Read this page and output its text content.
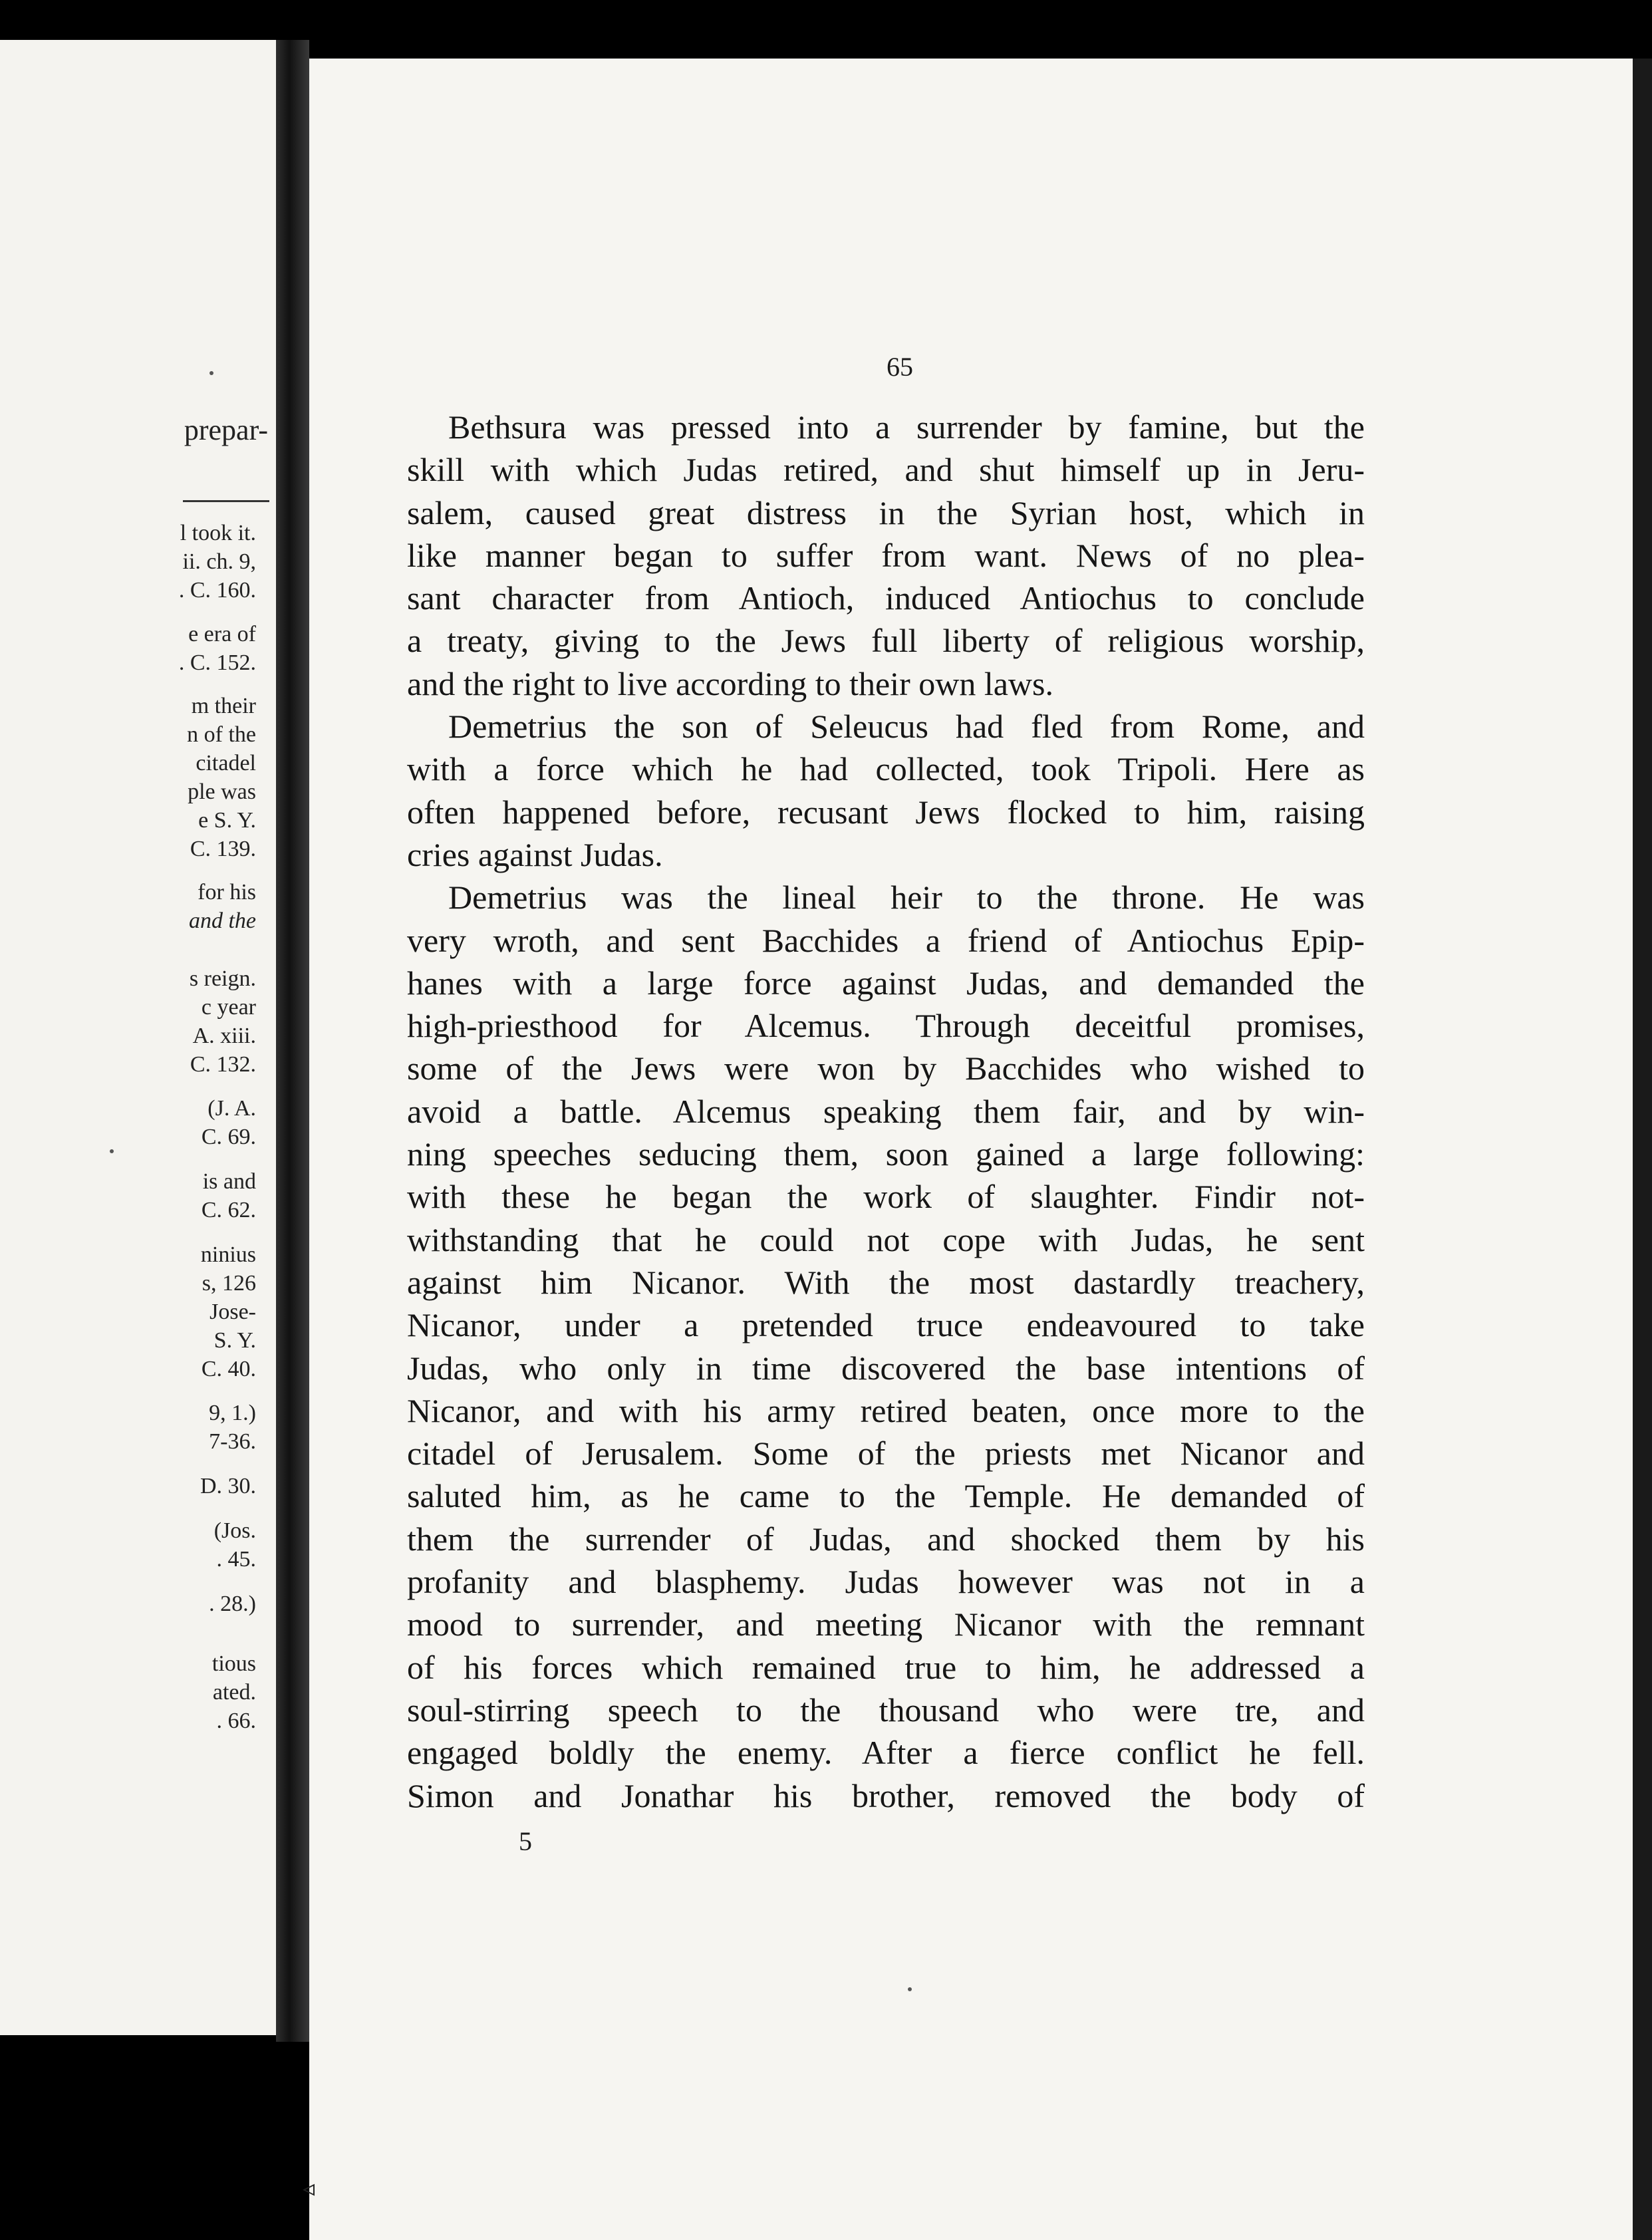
prepar-
l took it.
ii. ch. 9,
. C. 160.
e era of
. C. 152.
m their
n of the
citadel
ple was
e S. Y.
C. 139.
for his
and the
s reign.
c year
A. xiii.
C. 132.
(J. A.
C. 69.
is and
C. 62.
ninius
s, 126
Jose-
S. Y.
C. 40.
9, 1.)
7-36.
D. 30.
(Jos.
. 45.
. 28.)
tious
ated.
. 66.
65
Bethsura was pressed into a surrender by famine, but the
skill with which Judas retired, and shut himself up in Jeru-
salem, caused great distress in the Syrian host, which in
like manner began to suffer from want. News of no plea-
sant character from Antioch, induced Antiochus to conclude
a treaty, giving to the Jews full liberty of religious worship,
and the right to live according to their own laws.
Demetrius the son of Seleucus had fled from Rome, and
with a force which he had collected, took Tripoli. Here as
often happened before, recusant Jews flocked to him, raising
cries against Judas.
Demetrius was the lineal heir to the throne. He was
very wroth, and sent Bacchides a friend of Antiochus Epip-
hanes with a large force against Judas, and demanded the
high-priesthood for Alcemus. Through deceitful promises,
some of the Jews were won by Bacchides who wished to
avoid a battle. Alcemus speaking them fair, and by win-
ning speeches seducing them, soon gained a large following:
with these he began the work of slaughter. Findir not-
withstanding that he could not cope with Judas, he sent
against him Nicanor. With the most dastardly treachery,
Nicanor, under a pretended truce endeavoured to take
Judas, who only in time discovered the base intentions of
Nicanor, and with his army retired beaten, once more to the
citadel of Jerusalem. Some of the priests met Nicanor and
saluted him, as he came to the Temple. He demanded of
them the surrender of Judas, and shocked them by his
profanity and blasphemy. Judas however was not in a
mood to surrender, and meeting Nicanor with the remnant
of his forces which remained true to him, he addressed a
soul-stirring speech to the thousand who were tre, and
engaged boldly the enemy. After a fierce conflict he fell.
Simon and Jonathar his brother, removed the body of
5
◃
